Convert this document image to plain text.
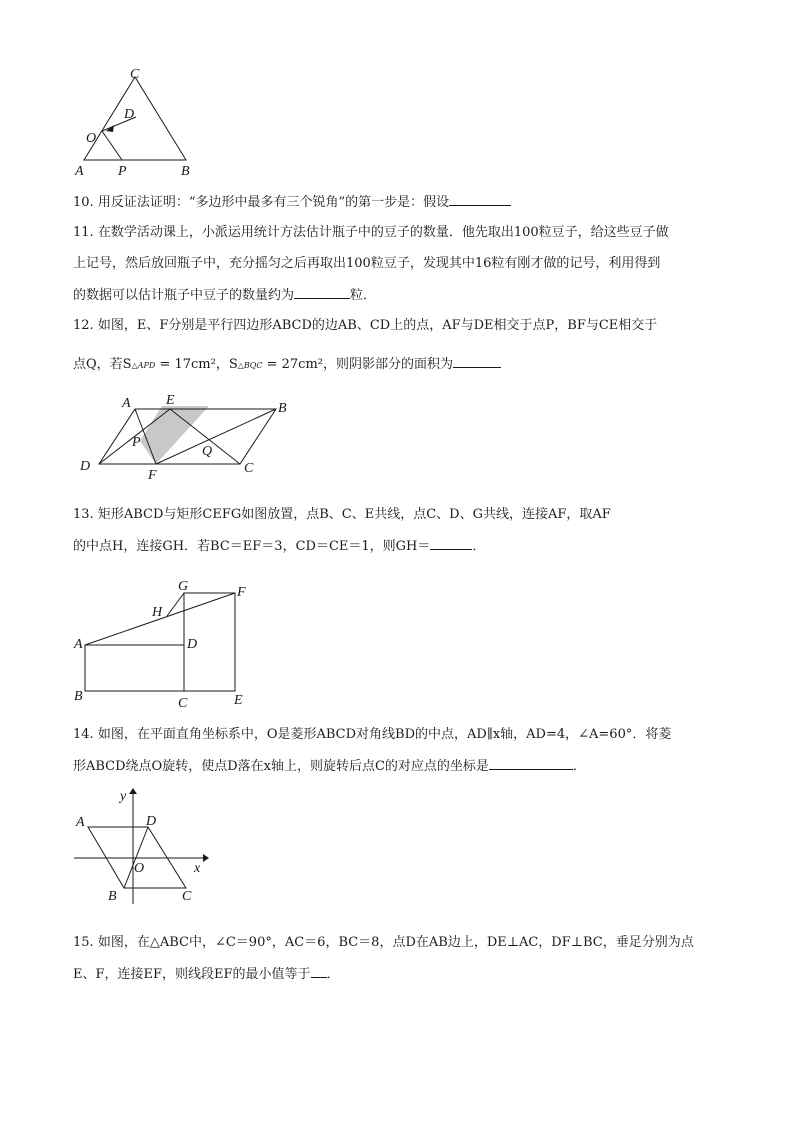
C
D
O
A P	B
10. 用反证法证明：“多边形中最多有三个锐角”的第一步是：假设
11. 在数学活动课上，小派运用统计方法估计瓶子中的豆子的数量．他先取出100粒豆子，给这些豆子做
上记号，然后放回瓶子中，充分摇匀之后再取出100粒豆子，发现其中16粒有刚才做的记号，利用得到
的数据可以估计瓶子中豆子的数量约为	粒．
12. 如图，E、F分别是平行四边形ABCD的边AB、CD上的点，AF与DE相交于点P，BF与CE相交于
点Q，若S△APD = 17cm²，S△BQC = 27cm²，则阴影部分的面积为
A	E
B
P
Q
D
F	C
13. 矩形ABCD与矩形CEFG如图放置，点B、C、E共线，点C、D、G共线，连接AF，取AF
的中点H，连接GH．若BC＝EF＝3，CD＝CE＝1，则GH＝	．
G	F
H
A	D
B	C	E
14. 如图，在平面直角坐标系中，O是菱形ABCD对角线BD的中点，AD∥x轴，AD=4，∠A=60°．将菱
形ABCD绕点O旋转，使点D落在x轴上，则旋转后点C的对应点的坐标是	．
y
A	D
O	x
B	C
15. 如图，在△ABC中，∠C＝90°，AC＝6，BC＝8，点D在AB边上，DE⊥AC，DF⊥BC，垂足分别为点
E、F，连接EF，则线段EF的最小值等于 ．
